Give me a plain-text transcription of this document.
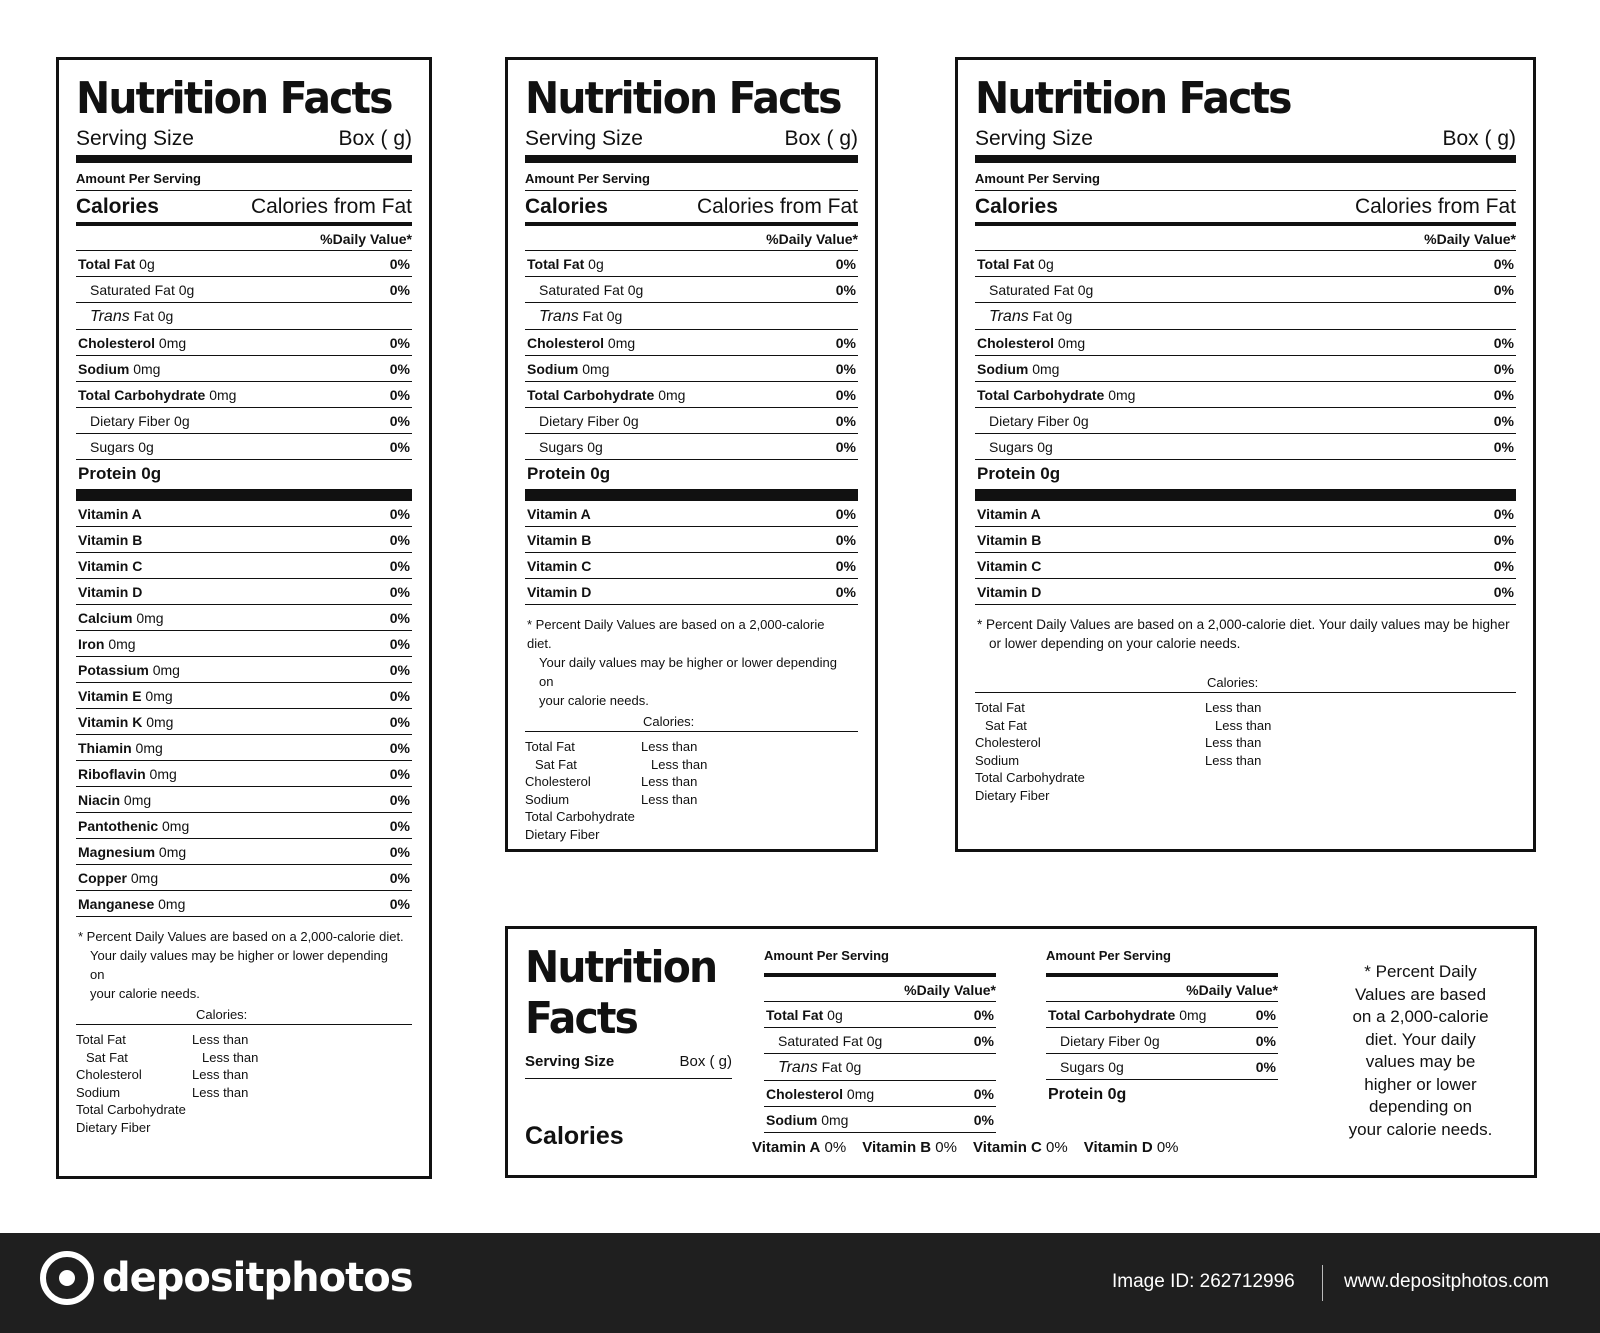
Nutrition Facts
Serving Size	Box ( g)
Amount Per Serving
Calories	Calories from Fat
%Daily Value*
Total Fat 0g	0%
Saturated Fat 0g	0%
Trans Fat 0g
Cholesterol 0mg	0%
Sodium 0mg	0%
Total Carbohydrate 0mg	0%
Dietary Fiber 0g	0%
Sugars 0g	0%
Protein 0g
Vitamin A	0%
Vitamin B	0%
Vitamin C	0%
Vitamin D	0%
Calcium 0mg	0%
Iron 0mg	0%
Potassium 0mg	0%
Vitamin E 0mg	0%
Vitamin K 0mg	0%
Thiamin 0mg	0%
Riboflavin 0mg	0%
Niacin 0mg	0%
Pantothenic 0mg	0%
Magnesium 0mg	0%
Copper 0mg	0%
Manganese 0mg	0%
* Percent Daily Values are based on a 2,000-calorie diet.
Your daily values may be higher or lower depending on
your calorie needs.
Calories:
Total Fat	Less than
Sat Fat	Less than
Cholesterol	Less than
Sodium	Less than
Total Carbohydrate
Dietary Fiber
Nutrition Facts
Serving Size	Box ( g)
Amount Per Serving
Calories	Calories from Fat
%Daily Value*
Total Fat 0g	0%
Saturated Fat 0g	0%
Trans Fat 0g
Cholesterol 0mg	0%
Sodium 0mg	0%
Total Carbohydrate 0mg	0%
Dietary Fiber 0g	0%
Sugars 0g	0%
Protein 0g
Vitamin A	0%
Vitamin B	0%
Vitamin C	0%
Vitamin D	0%
* Percent Daily Values are based on a 2,000-calorie diet.
Your daily values may be higher or lower depending on
your calorie needs.
Calories:
Total Fat	Less than
Sat Fat	Less than
Cholesterol	Less than
Sodium	Less than
Total Carbohydrate
Dietary Fiber
Nutrition Facts
Serving Size	Box ( g)
Amount Per Serving
Calories	Calories from Fat
%Daily Value*
Total Fat 0g	0%
Saturated Fat 0g	0%
Trans Fat 0g
Cholesterol 0mg	0%
Sodium 0mg	0%
Total Carbohydrate 0mg	0%
Dietary Fiber 0g	0%
Sugars 0g	0%
Protein 0g
Vitamin A	0%
Vitamin B	0%
Vitamin C	0%
Vitamin D	0%
* Percent Daily Values are based on a 2,000-calorie diet. Your daily values may be higher
or lower depending on your calorie needs.
Calories:
Total Fat	Less than
Sat Fat	Less than
Cholesterol	Less than
Sodium	Less than
Total Carbohydrate
Dietary Fiber
Nutrition
Facts
Serving Size	Box ( g)
Calories
Amount Per Serving
%Daily Value*
Total Fat 0g	0%
Saturated Fat 0g	0%
Trans Fat 0g
Cholesterol 0mg	0%
Sodium 0mg	0%
Amount Per Serving
%Daily Value*
Total Carbohydrate 0mg	0%
Dietary Fiber 0g	0%
Sugars 0g	0%
Protein 0g
Vitamin A 0% Vitamin B 0% Vitamin C 0% Vitamin D 0%
* Percent Daily
Values are based
on a 2,000-calorie
diet. Your daily
values may be
higher or lower
depending on
your calorie needs.
depositphotos	Image ID: 262712996	www.depositphotos.com
